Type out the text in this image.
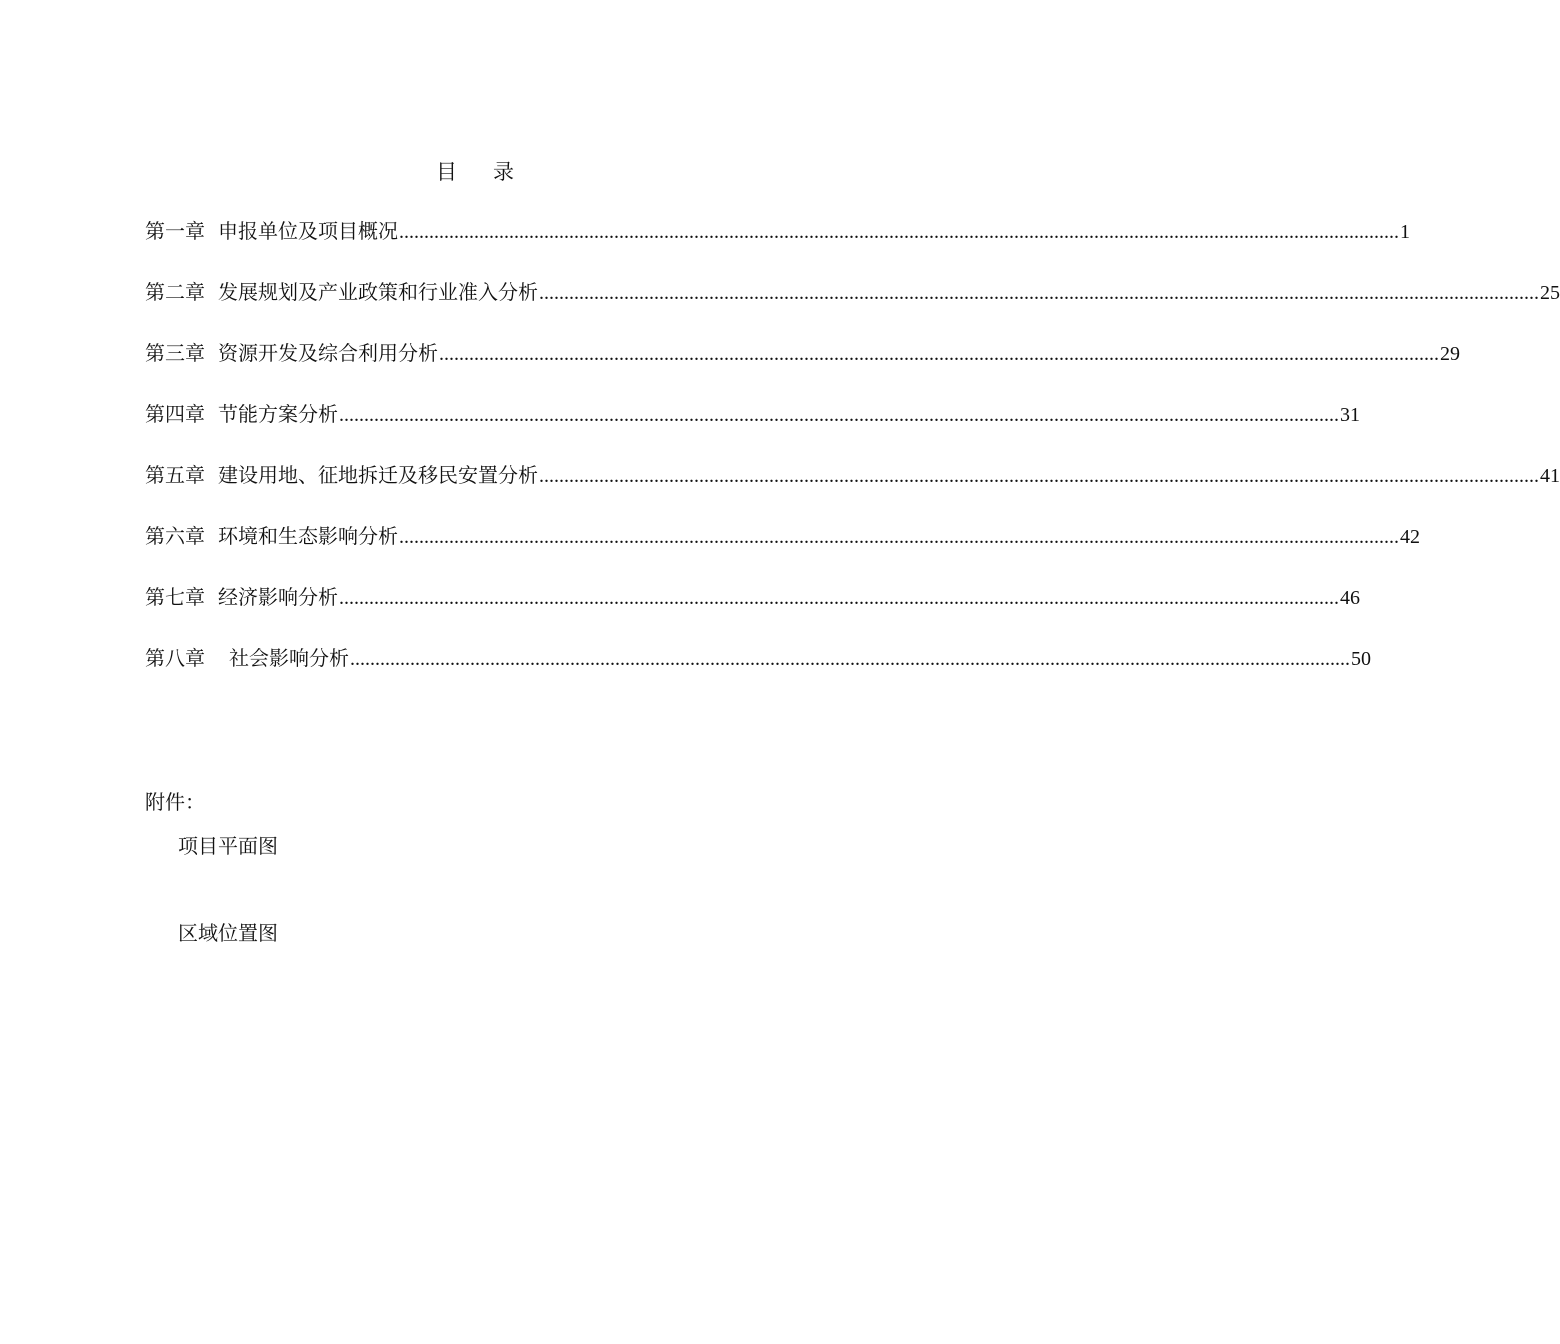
目 录
第一章 申报单位及项目概况 ........................................................................................................................................................................................................ 1
第二章 发展规划及产业政策和行业准入分析 ........................................................................................................................................................................................................ 25
第三章 资源开发及综合利用分析 ........................................................................................................................................................................................................ 29
第四章 节能方案分析 ........................................................................................................................................................................................................ 31
第五章 建设用地、征地拆迁及移民安置分析 ........................................................................................................................................................................................................ 41
第六章 环境和生态影响分析 ........................................................................................................................................................................................................ 42
第七章 经济影响分析 ........................................................................................................................................................................................................ 46
第八章 社会影响分析 ........................................................................................................................................................................................................ 50
附件：
项目平面图
区域位置图
